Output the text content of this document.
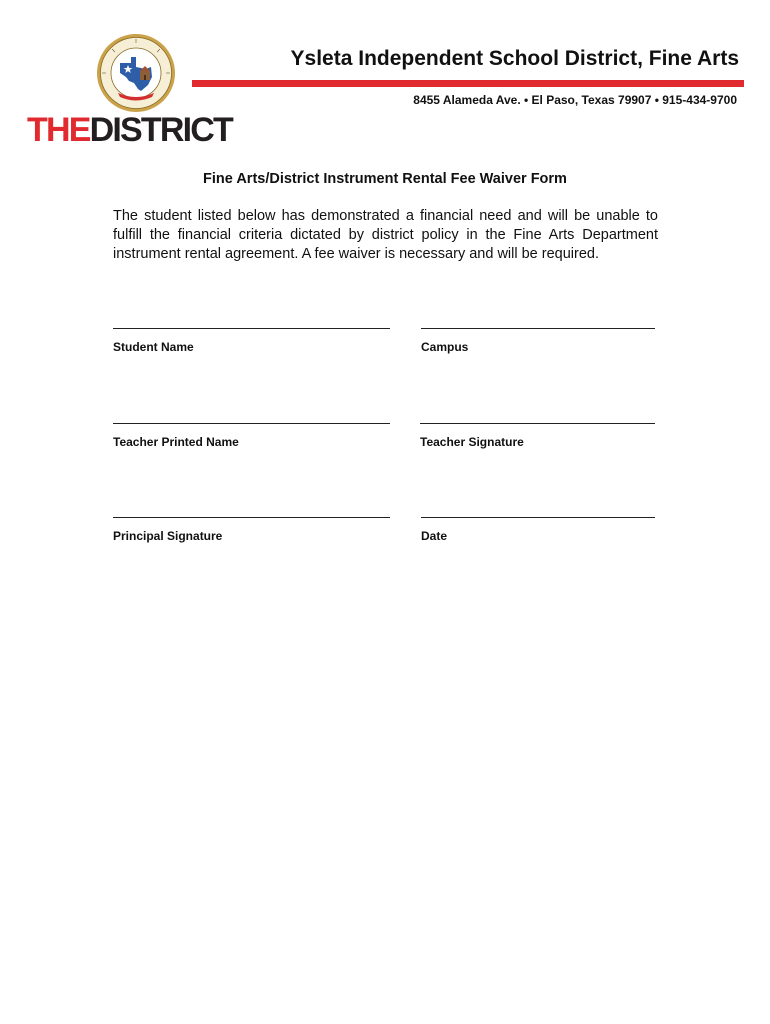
THEDISTRICT
Ysleta Independent School District, Fine Arts
8455 Alameda Ave. • El Paso, Texas 79907 • 915-434-9700
Fine Arts/District Instrument Rental Fee Waiver Form
The student listed below has demonstrated a financial need and will be unable to fulfill the financial criteria dictated by district policy in the Fine Arts Department instrument rental agreement. A fee waiver is necessary and will be required.
Student Name	Campus
Teacher Printed Name	Teacher Signature
Principal Signature	Date
